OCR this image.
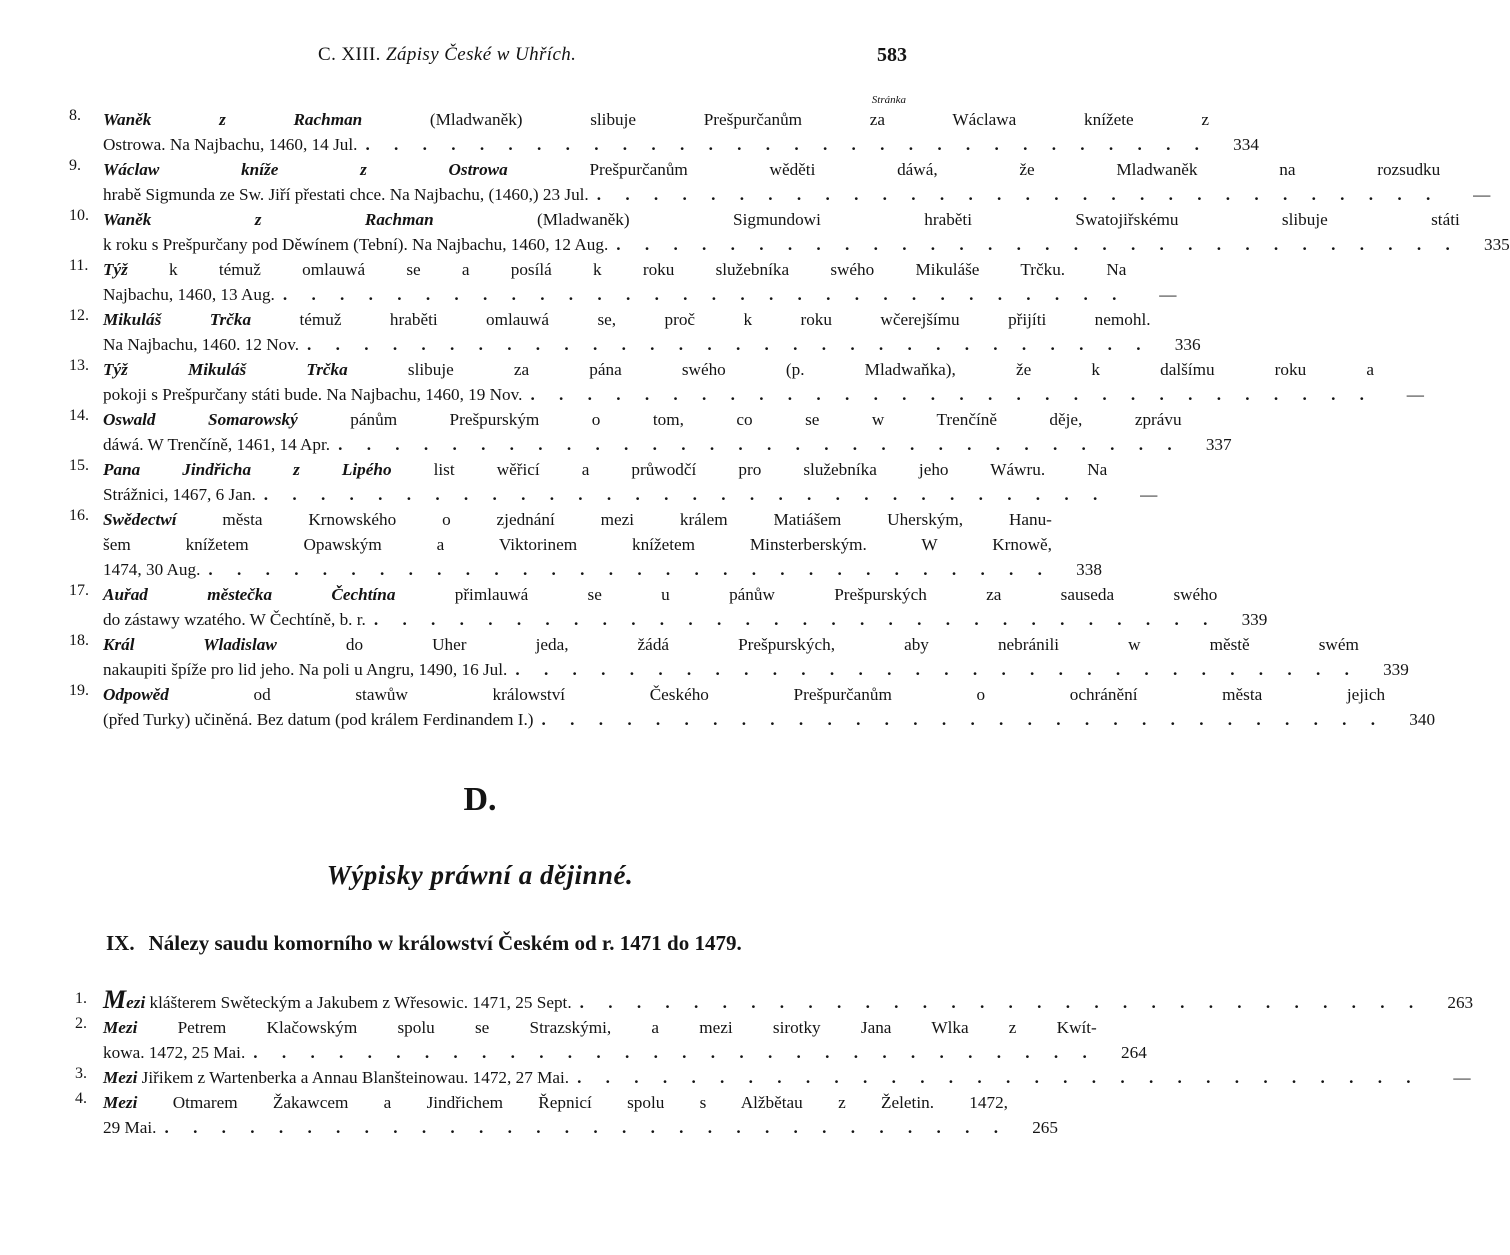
C. XIII. Zápisy České w Uhřích.	583
Stránka
8.	Waněk z Rachman (Mladwaněk) slibuje Prešpurčanům za Wáclawa knížete z
Ostrowa. Na Najbachu, 1460, 14 Jul. . . . . . . . . . . . . . . . . . . . . . . . . . . . . . .	334
9.	Wáclaw kníže z Ostrowa Prešpurčanům wěděti dáwá, že Mladwaněk na rozsudku
hrabě Sigmunda ze Sw. Jiří přestati chce. Na Najbachu, (1460,) 23 Jul. . . . . . . . . . . . . . . . . . . . . . . . . . . . . . .	—
10. Waněk z Rachman (Mladwaněk) Sigmundowi hraběti Swatojiřskému slibuje státi
k roku s Prešpurčany pod Děwínem (Tební). Na Najbachu, 1460, 12 Aug. . . . . . . . . . . . . . . . . . . . . . . . . . . . . . .	335
11. Týž k témuž omlauwá se a posílá k roku služebníka swého Mikuláše Trčku. Na
Najbachu, 1460, 13 Aug. . . . . . . . . . . . . . . . . . . . . . . . . . . . . . .	—
12. Mikuláš Trčka témuž hraběti omlauwá se, proč k roku wčerejšímu přijíti nemohl.
Na Najbachu, 1460. 12 Nov. . . . . . . . . . . . . . . . . . . . . . . . . . . . . . .	336
13. Týž Mikuláš Trčka slibuje za pána swého (p. Mladwaňka), že k dalšímu roku a
pokoji s Prešpurčany státi bude. Na Najbachu, 1460, 19 Nov. . . . . . . . . . . . . . . . . . . . . . . . . . . . . . .	—
14. Oswald Somarowský pánům Prešpurským o tom, co se w Trenčíně děje, zprávu
dáwá. W Trenčíně, 1461, 14 Apr. . . . . . . . . . . . . . . . . . . . . . . . . . . . . . .	337
15. Pana Jindřicha z Lipého list wěřicí a průwodčí pro služebníka jeho Wáwru. Na
Strážnici, 1467, 6 Jan. . . . . . . . . . . . . . . . . . . . . . . . . . . . . . .	—
16. Swědectwí města Krnowského o zjednání mezi králem Matiášem Uherským, Hanu-
šem knížetem Opawským a Viktorinem knížetem Minsterberským. W Krnowě,
1474, 30 Aug. . . . . . . . . . . . . . . . . . . . . . . . . . . . . . .	338
17. Auřad městečka Čechtína přimlauwá se u pánůw Prešpurských za sauseda swého
do zástawy wzatého. W Čechtíně, b. r. . . . . . . . . . . . . . . . . . . . . . . . . . . . . . .	339
18. Král Wladislaw do Uher jeda, žádá Prešpurských, aby nebránili w městě swém
nakaupiti špíže pro lid jeho. Na poli u Angru, 1490, 16 Jul. . . . . . . . . . . . . . . . . . . . . . . . . . . . . . .	339
19. Odpowěd od stawůw králowství Českého Prešpurčanům o ochránění města jejich
(před Turky) učiněná. Bez datum (pod králem Ferdinandem I.) . . . . . . . . . . . . . . . . . . . . . . . . . . . . . .	340
D.
Wýpisky práwní a dějinné.
IX. Nálezy saudu komorního w králowství Českém od r. 1471 do 1479.
1. Mezi klášterem Swěteckým a Jakubem z Wřesowic. 1471, 25 Sept. . . . . . . . . . . . . . . . . . . . . . . . . . . . . . .	263
2. Mezi Petrem Klačowským spolu se Strazskými, a mezi sirotky Jana Wlka z Kwít-
kowa. 1472, 25 Mai. . . . . . . . . . . . . . . . . . . . . . . . . . . . . . .	264
3. Mezi Jiřikem z Wartenberka a Annau Blanšteinowau. 1472, 27 Mai. . . . . . . . . . . . . . . . . . . . . . . . . . . . . . .	—
4. Mezi Otmarem Žakawcem a Jindřichem Řepnicí spolu s Alžbětau z Želetin. 1472,
29 Mai. . . . . . . . . . . . . . . . . . . . . . . . . . . . . . .	265
